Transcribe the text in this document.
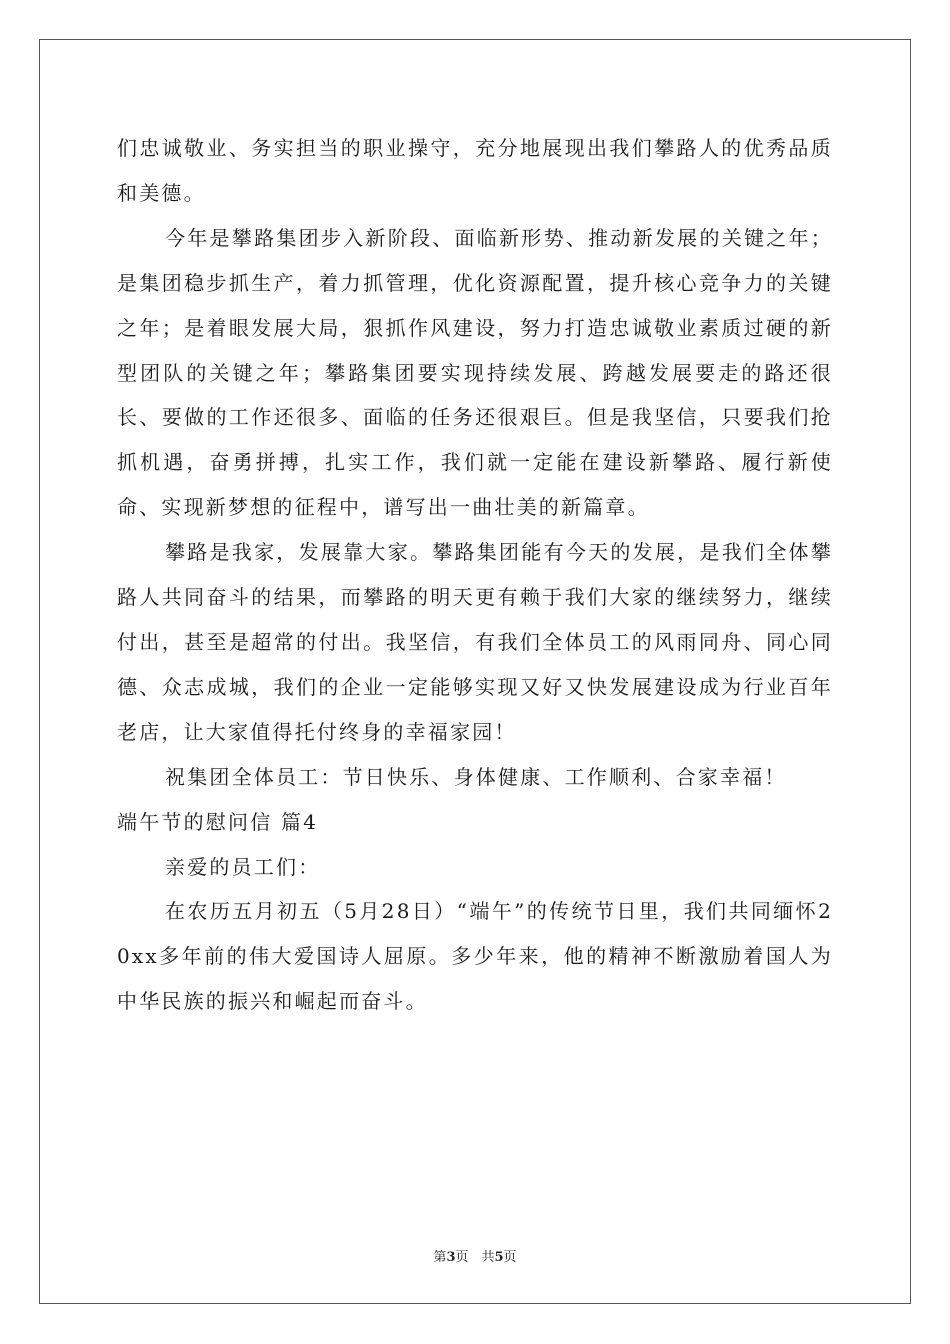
们忠诚敬业、务实担当的职业操守，充分地展现出我们攀路人的优秀品质和美德。

今年是攀路集团步入新阶段、面临新形势、推动新发展的关键之年；是集团稳步抓生产，着力抓管理，优化资源配置，提升核心竞争力的关键之年；是着眼发展大局，狠抓作风建设，努力打造忠诚敬业素质过硬的新型团队的关键之年；攀路集团要实现持续发展、跨越发展要走的路还很长、要做的工作还很多、面临的任务还很艰巨。但是我坚信，只要我们抢抓机遇，奋勇拼搏，扎实工作，我们就一定能在建设新攀路、履行新使命、实现新梦想的征程中，谱写出一曲壮美的新篇章。

攀路是我家，发展靠大家。攀路集团能有今天的发展，是我们全体攀路人共同奋斗的结果，而攀路的明天更有赖于我们大家的继续努力，继续付出，甚至是超常的付出。我坚信，有我们全体员工的风雨同舟、同心同德、众志成城，我们的企业一定能够实现又好又快发展建设成为行业百年老店，让大家值得托付终身的幸福家园！

祝集团全体员工：节日快乐、身体健康、工作顺利、合家幸福！

端午节的慰问信 篇4

亲爱的员工们：

在农历五月初五（5月28日）“端午”的传统节日里，我们共同缅怀20xx多年前的伟大爱国诗人屈原。多少年来，他的精神不断激励着国人为中华民族的振兴和崛起而奋斗。

第3页　共5页
